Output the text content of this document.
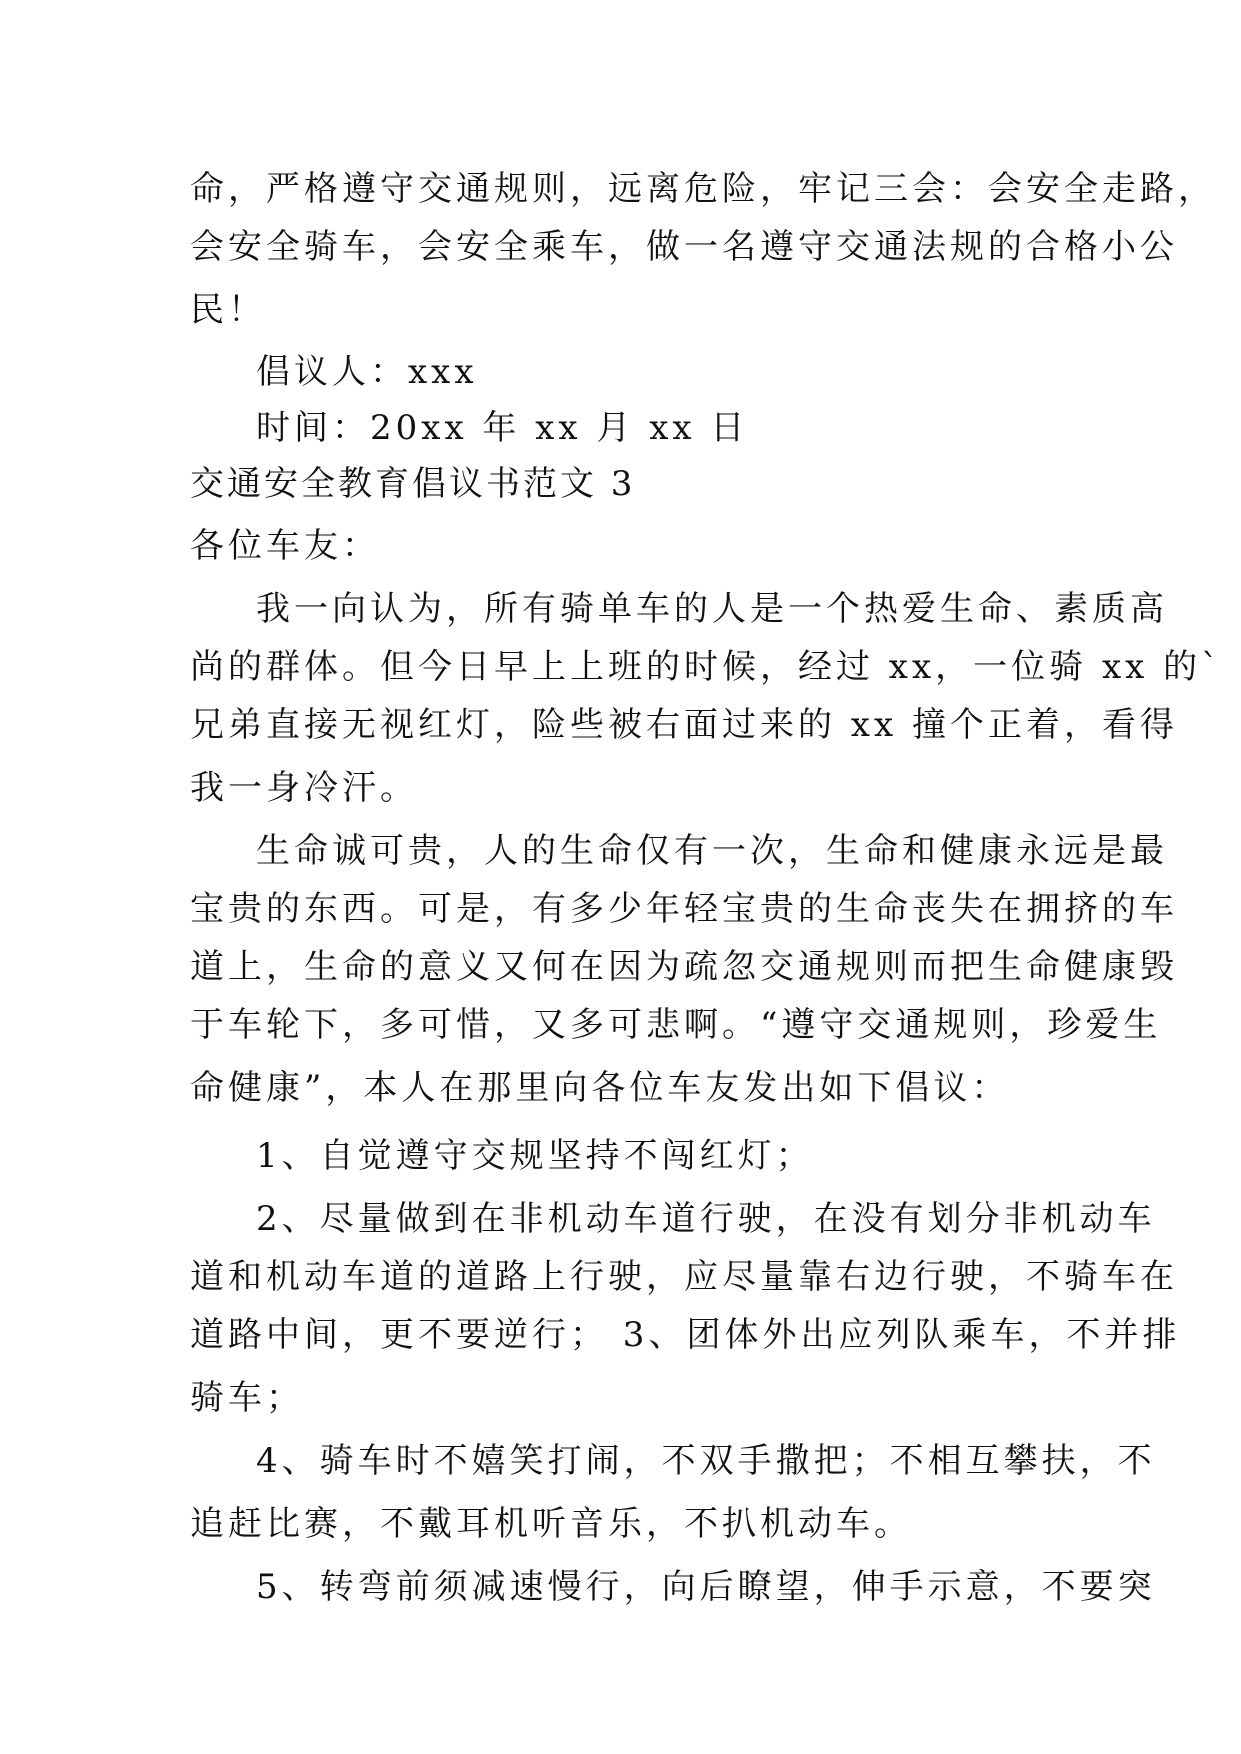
命，严格遵守交通规则，远离危险，牢记三会：会安全走路，
会安全骑车，会安全乘车，做一名遵守交通法规的合格小公
民！
倡议人：xxx
时间：20xx 年 xx 月 xx 日
交通安全教育倡议书范文 3
各位车友：
我一向认为，所有骑单车的人是一个热爱生命、素质高
尚的群体。但今日早上上班的时候，经过 xx，一位骑 xx 的`
兄弟直接无视红灯，险些被右面过来的 xx 撞个正着，看得
我一身冷汗。
生命诚可贵，人的生命仅有一次，生命和健康永远是最
宝贵的东西。可是，有多少年轻宝贵的生命丧失在拥挤的车
道上，生命的意义又何在因为疏忽交通规则而把生命健康毁
于车轮下，多可惜，又多可悲啊。“遵守交通规则，珍爱生
命健康”，本人在那里向各位车友发出如下倡议：
1、自觉遵守交规坚持不闯红灯；
2、尽量做到在非机动车道行驶，在没有划分非机动车
道和机动车道的道路上行驶，应尽量靠右边行驶，不骑车在
道路中间，更不要逆行； 3、团体外出应列队乘车，不并排
骑车；
4、骑车时不嬉笑打闹，不双手撒把；不相互攀扶，不
追赶比赛，不戴耳机听音乐，不扒机动车。
5、转弯前须减速慢行，向后瞭望，伸手示意，不要突
